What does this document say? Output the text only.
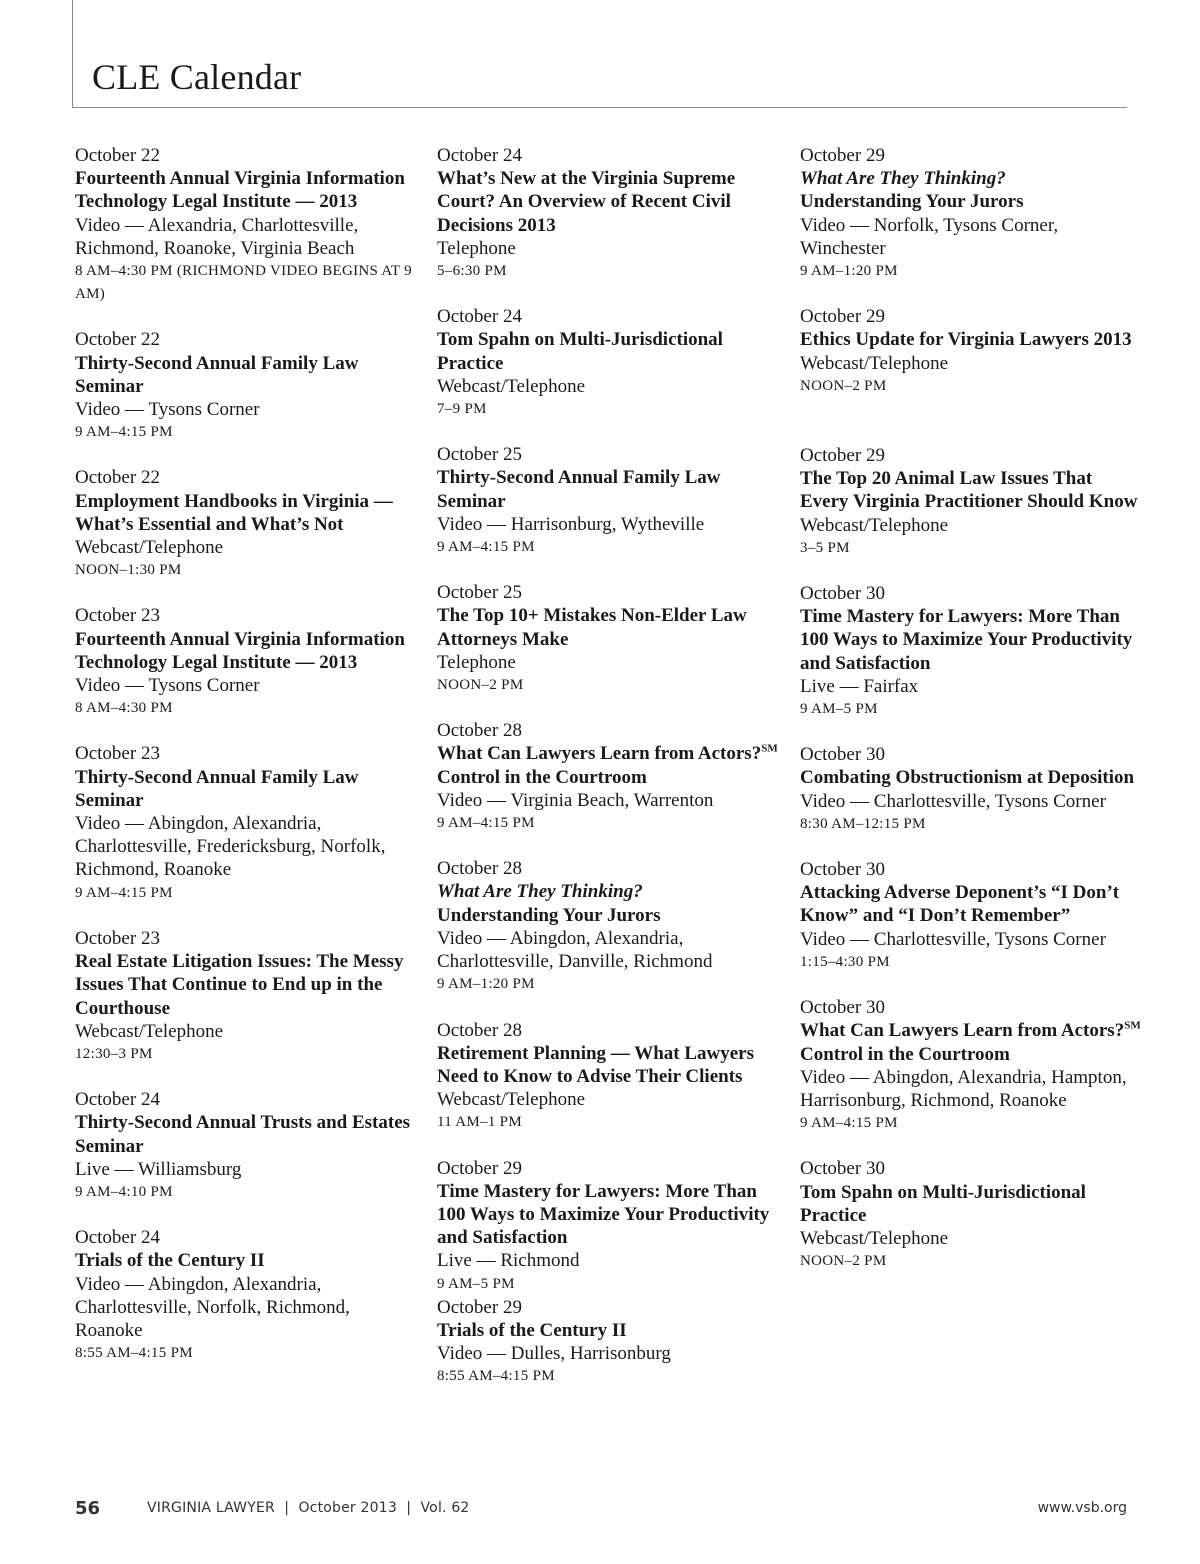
CLE Calendar
October 22
Fourteenth Annual Virginia Information Technology Legal Institute — 2013
Video — Alexandria, Charlottesville, Richmond, Roanoke, Virginia Beach
8 AM–4:30 PM (RICHMOND VIDEO BEGINS AT 9 AM)
October 22
Thirty-Second Annual Family Law Seminar
Video — Tysons Corner
9 AM–4:15 PM
October 22
Employment Handbooks in Virginia — What’s Essential and What’s Not
Webcast/Telephone
NOON–1:30 PM
October 23
Fourteenth Annual Virginia Information Technology Legal Institute — 2013
Video — Tysons Corner
8 AM–4:30 PM
October 23
Thirty-Second Annual Family Law Seminar
Video — Abingdon, Alexandria, Charlottesville, Fredericksburg, Norfolk, Richmond, Roanoke
9 AM–4:15 PM
October 23
Real Estate Litigation Issues: The Messy Issues That Continue to End up in the Courthouse
Webcast/Telephone
12:30–3 PM
October 24
Thirty-Second Annual Trusts and Estates Seminar
Live — Williamsburg
9 AM–4:10 PM
October 24
Trials of the Century II
Video — Abingdon, Alexandria, Charlottesville, Norfolk, Richmond, Roanoke
8:55 AM–4:15 PM
October 24
What’s New at the Virginia Supreme Court? An Overview of Recent Civil Decisions 2013
Telephone
5–6:30 PM
October 24
Tom Spahn on Multi-Jurisdictional Practice
Webcast/Telephone
7–9 PM
October 25
Thirty-Second Annual Family Law Seminar
Video — Harrisonburg, Wytheville
9 AM–4:15 PM
October 25
The Top 10+ Mistakes Non-Elder Law Attorneys Make
Telephone
NOON–2 PM
October 28
What Can Lawyers Learn from Actors?℠ Control in the Courtroom
Video — Virginia Beach, Warrenton
9 AM–4:15 PM
October 28
What Are They Thinking?
Understanding Your Jurors
Video — Abingdon, Alexandria, Charlottesville, Danville, Richmond
9 AM–1:20 PM
October 28
Retirement Planning — What Lawyers Need to Know to Advise Their Clients
Webcast/Telephone
11 AM–1 PM
October 29
Time Mastery for Lawyers: More Than 100 Ways to Maximize Your Productivity and Satisfaction
Live — Richmond
9 AM–5 PM
October 29
Trials of the Century II
Video — Dulles, Harrisonburg
8:55 AM–4:15 PM
October 29
What Are They Thinking?
Understanding Your Jurors
Video — Norfolk, Tysons Corner, Winchester
9 AM–1:20 PM
October 29
Ethics Update for Virginia Lawyers 2013
Webcast/Telephone
NOON–2 PM
October 29
The Top 20 Animal Law Issues That Every Virginia Practitioner Should Know
Webcast/Telephone
3–5 PM
October 30
Time Mastery for Lawyers: More Than 100 Ways to Maximize Your Productivity and Satisfaction
Live — Fairfax
9 AM–5 PM
October 30
Combating Obstructionism at Deposition
Video — Charlottesville, Tysons Corner
8:30 AM–12:15 PM
October 30
Attacking Adverse Deponent’s “I Don’t Know” and “I Don’t Remember”
Video — Charlottesville, Tysons Corner
1:15–4:30 PM
October 30
What Can Lawyers Learn from Actors?℠ Control in the Courtroom
Video — Abingdon, Alexandria, Hampton, Harrisonburg, Richmond, Roanoke
9 AM–4:15 PM
October 30
Tom Spahn on Multi-Jurisdictional Practice
Webcast/Telephone
NOON–2 PM
56	VIRGINIA LAWYER  |  October 2013  |  Vol. 62	www.vsb.org
